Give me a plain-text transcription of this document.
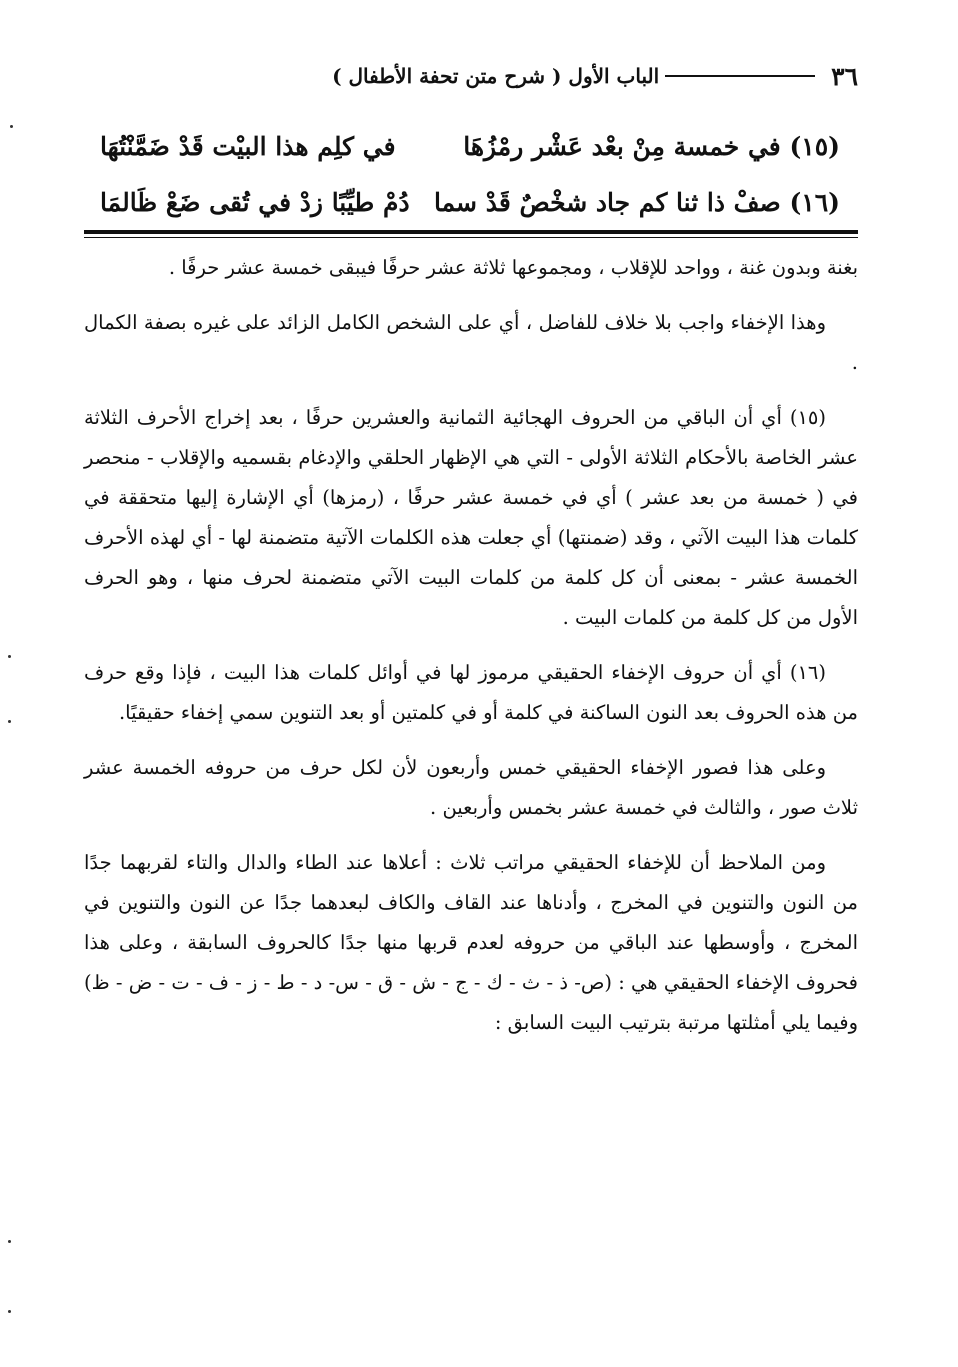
٣٦
الباب الأول ( شرح متن تحفة الأطفال )
(١٥) في خمسة مِنْ بعْد عَشْر رمْزُهَا
في كلِم هذا البيْت قَدْ ضَمَّنْتُهَا
(١٦) صفْ ذا ثنا كم جاد شخْصٌ قَدْ سما
دُمْ طيِّبًا زدْ في تُقى ضَعْ ظَالمَا

بغنة وبدون غنة ، وواحد للإقلاب ، ومجموعها ثلاثة عشر حرفًا فيبقى خمسة عشر حرفًا .

وهذا الإخفاء واجب بلا خلاف للفاضل ، أي على الشخص الكامل الزائد على غيره بصفة الكمال .

(١٥) أي أن الباقي من الحروف الهجائية الثمانية والعشرين حرفًا ، بعد إخراج الأحرف الثلاثة عشر الخاصة بالأحكام الثلاثة الأولى - التي هي الإظهار الحلقي والإدغام بقسميه والإقلاب - منحصر في ( خمسة من بعد عشر ) أي في خمسة عشر حرفًا ، (رمزها) أي الإشارة إليها متحققة في كلمات هذا البيت الآتي ، وقد (ضمنتها) أي جعلت هذه الكلمات الآتية متضمنة لها - أي لهذه الأحرف الخمسة عشر - بمعنى أن كل كلمة من كلمات البيت الآتي متضمنة لحرف منها ، وهو الحرف الأول من كل كلمة من كلمات البيت .

(١٦) أي أن حروف الإخفاء الحقيقي مرموز لها في أوائل كلمات هذا البيت ، فإذا وقع حرف من هذه الحروف بعد النون الساكنة في كلمة أو في كلمتين أو بعد التنوين سمي إخفاء حقيقيًا.

وعلى هذا فصور الإخفاء الحقيقي خمس وأربعون لأن لكل حرف من حروفه الخمسة عشر ثلاث صور ، والثالث في خمسة عشر بخمس وأربعين .

ومن الملاحظ أن للإخفاء الحقيقي مراتب ثلاث : أعلاها عند الطاء والدال والتاء لقربهما جدًا من النون والتنوين في المخرج ، وأدناها عند القاف والكاف لبعدهما جدًا عن النون والتنوين في المخرج ، وأوسطها عند الباقي من حروفه لعدم قربها منها جدًا كالحروف السابقة ، وعلى هذا فحروف الإخفاء الحقيقي هي : (ص- ذ - ث - ك - ج - ش - ق - س- د - ط - ز - ف - ت - ض - ظ) وفيما يلي أمثلتها مرتبة بترتيب البيت السابق :
